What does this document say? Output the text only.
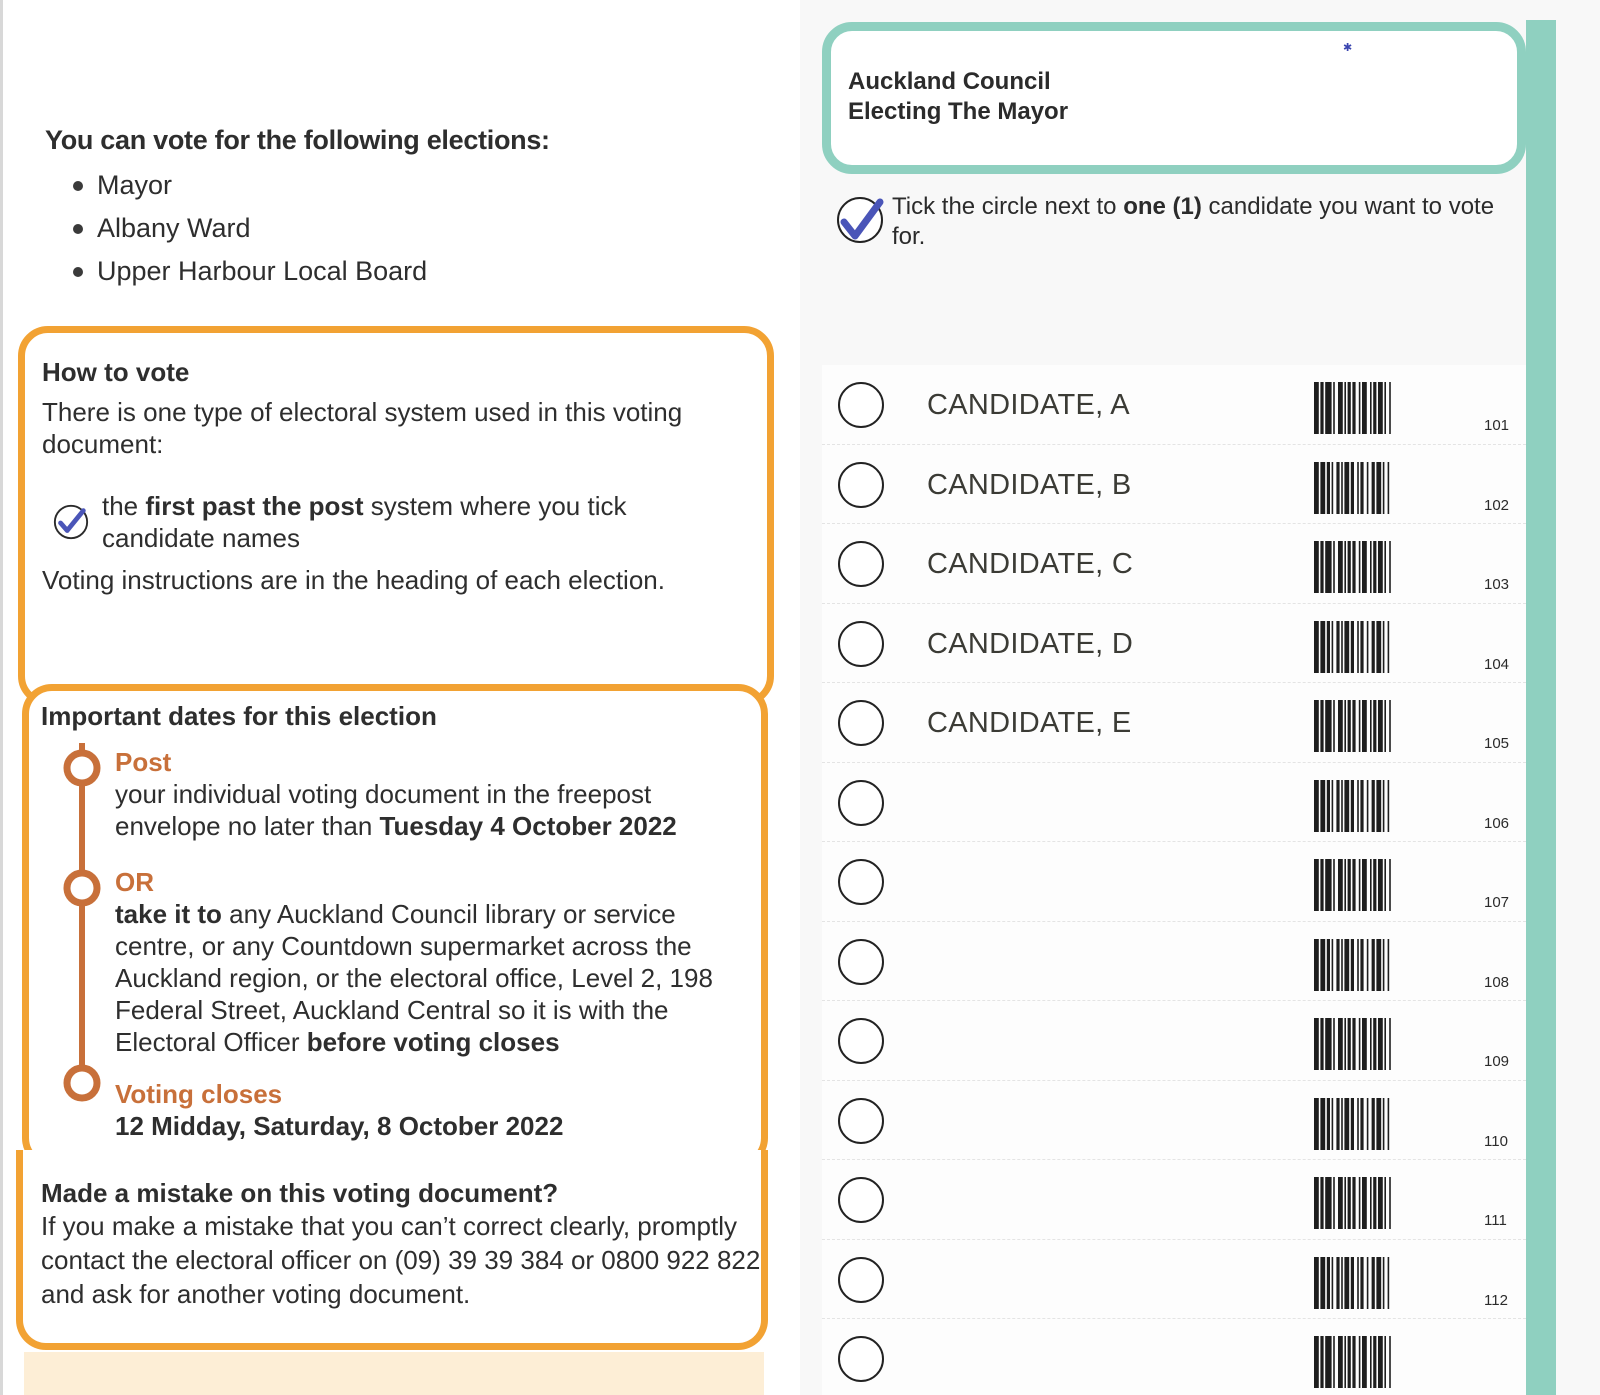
You can vote for the following elections:
Mayor
Albany Ward
Upper Harbour Local Board
How to vote

There is one type of electoral system used in this voting document:

the first past the post system where you tick candidate names

Voting instructions are in the heading of each election.

Important dates for this election
Post

your individual voting document in the freepost envelope no later than Tuesday 4 October 2022

OR

take it to any Auckland Council library or service centre, or any Countdown supermarket across the Auckland region, or the electoral office, Level 2, 198 Federal Street, Auckland Central so it is with the Electoral Officer before voting closes

Voting closes

12 Midday, Saturday, 8 October 2022

Made a mistake on this voting document?

If you make a mistake that you can’t correct clearly, promptly contact the electoral officer on (09) 39 39 384 or 0800 922 822 and ask for another voting document.

Auckland Council
Electing The Mayor
✱

Tick the circle next to one (1) candidate you want to vote for.

CANDIDATE, A
101
CANDIDATE, B
102
CANDIDATE, C
103
CANDIDATE, D
104
CANDIDATE, E
105
106
107
108
109
110
111
112
